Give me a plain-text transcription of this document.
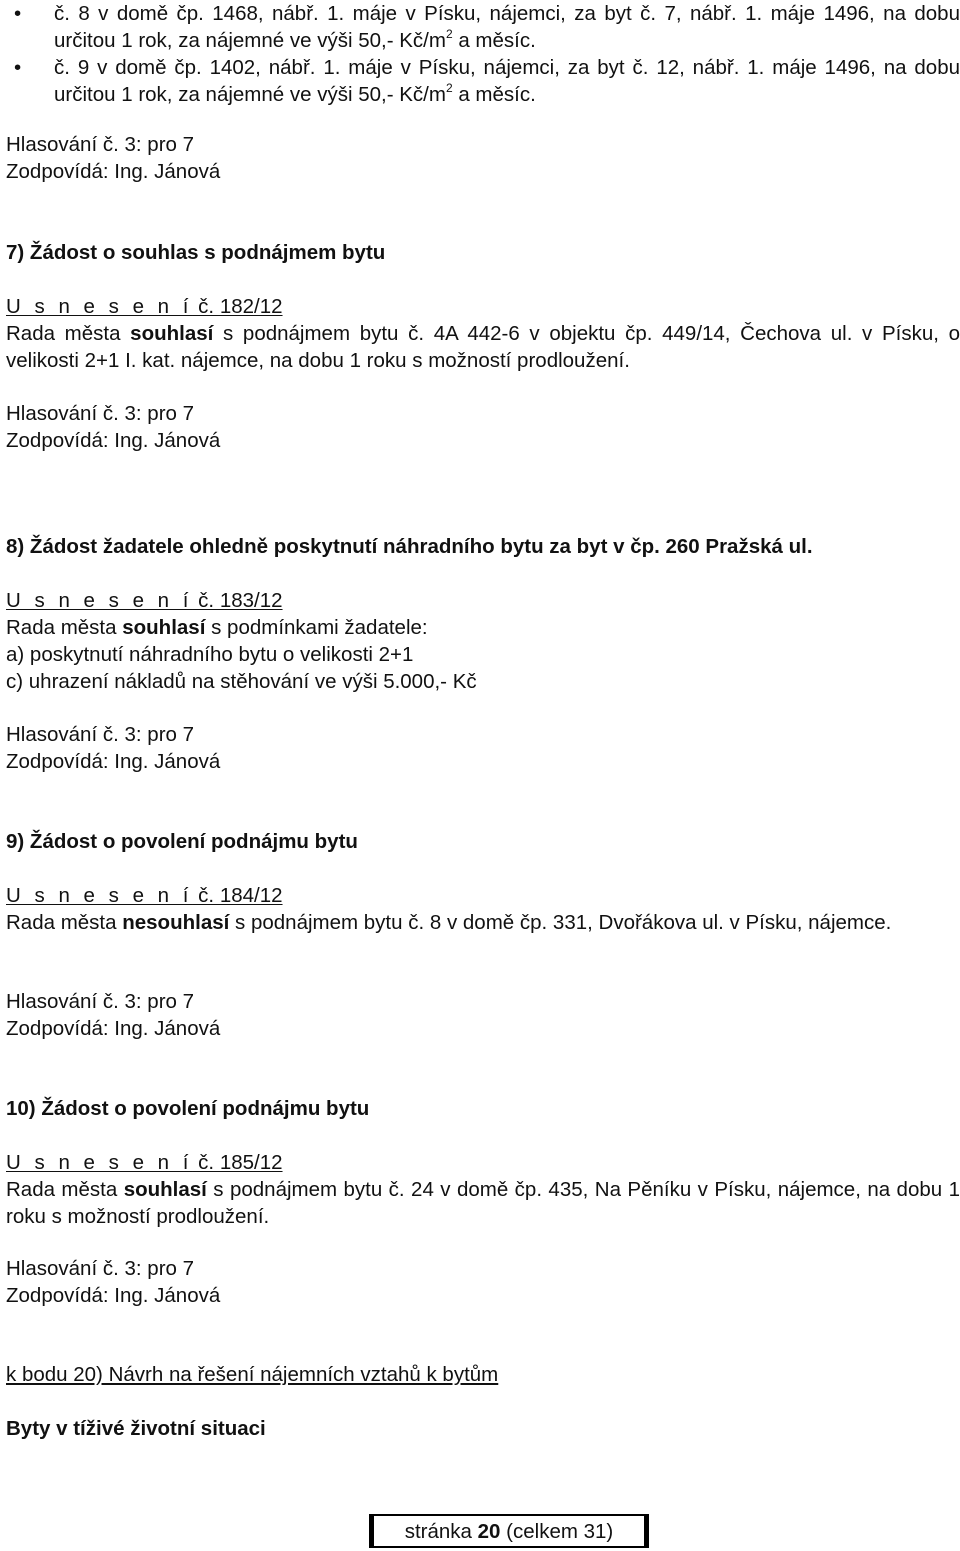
• č. 8 v domě čp. 1468, nábř. 1. máje v Písku, nájemci, za byt č. 7, nábř. 1. máje 1496, na dobu určitou 1 rok, za nájemné ve výši 50,- $Kč/m^2$ a měsíc.
• č. 9 v domě čp. 1402, nábř. 1. máje v Písku, nájemci, za byt č. 12, nábř. 1. máje 1496, na dobu určitou 1 rok, za nájemné ve výši 50,- $Kč/m^2$ a měsíc.
Hlasování č. 3: pro 7
Zodpovídá: Ing. Jánová
7) Žádost o souhlas s podnájmem bytu
U s n e s e n í č. 182/12
Rada města souhlasí s podnájmem bytu č. 4A 442-6 v objektu čp. 449/14, Čechova ul. v Písku, o velikosti 2+1 I. kat. nájemce, na dobu 1 roku s možností prodloužení.
Hlasování č. 3: pro 7
Zodpovídá: Ing. Jánová
8) Žádost žadatele ohledně poskytnutí náhradního bytu za byt v čp. 260 Pražská ul.
U s n e s e n í č. 183/12
Rada města souhlasí s podmínkami žadatele:
a) poskytnutí náhradního bytu o velikosti 2+1
c) uhrazení nákladů na stěhování ve výši 5.000,- Kč
Hlasování č. 3: pro 7
Zodpovídá: Ing. Jánová
9) Žádost o povolení podnájmu bytu
U s n e s e n í č. 184/12
Rada města nesouhlasí s podnájmem bytu č. 8 v domě čp. 331, Dvořákova ul. v Písku, nájemce.
Hlasování č. 3: pro 7
Zodpovídá: Ing. Jánová
10) Žádost o povolení podnájmu bytu
U s n e s e n í č. 185/12
Rada města souhlasí s podnájmem bytu č. 24 v domě čp. 435, Na Pěníku v Písku, nájemce, na dobu 1 roku s možností prodloužení.
Hlasování č. 3: pro 7
Zodpovídá: Ing. Jánová
k bodu 20) Návrh na řešení nájemních vztahů k bytům
Byty v tíživé životní situaci
stránka 20 (celkem 31)
